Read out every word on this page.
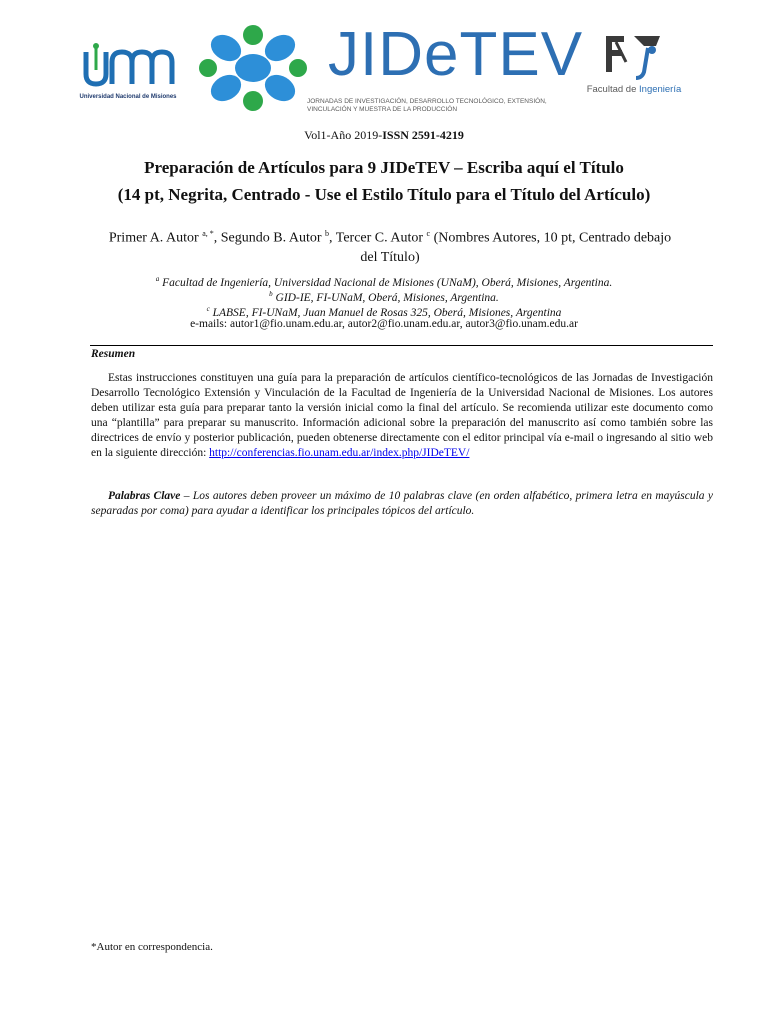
Universidad Nacional de Misiones
JIDeTEV
JORNADAS DE INVESTIGACIÓN, DESARROLLO TECNOLÓGICO, EXTENSIÓN, VINCULACIÓN Y MUESTRA DE LA PRODUCCIÓN
Facultad de Ingeniería
Vol1-Año 2019-ISSN 2591-4219
Preparación de Artículos para 9 JIDeTEV – Escriba aquí el Título
(14 pt, Negrita, Centrado - Use el Estilo Título para el Título del Artículo)
Primer A. Autor $^{a, *}$, Segundo B. Autor $^b$, Tercer C. Autor $^c$ (Nombres Autores, 10 pt, Centrado debajo del Título)
$^a$ Facultad de Ingeniería, Universidad Nacional de Misiones (UNaM), Oberá, Misiones, Argentina.
$^b$ GID-IE, FI-UNaM, Oberá, Misiones, Argentina.
$^c$ LABSE, FI-UNaM, Juan Manuel de Rosas 325, Oberá, Misiones, Argentina
e-mails: autor1@fio.unam.edu.ar, autor2@fio.unam.edu.ar, autor3@fio.unam.edu.ar
Resumen
Estas instrucciones constituyen una guía para la preparación de artículos científico-tecnológicos de las Jornadas de Investigación Desarrollo Tecnológico Extensión y Vinculación de la Facultad de Ingeniería de la Universidad Nacional de Misiones. Los autores deben utilizar esta guía para preparar tanto la versión inicial como la final del artículo. Se recomienda utilizar este documento como una “plantilla” para preparar su manuscrito. Información adicional sobre la preparación del manuscrito así como también sobre las directrices de envío y posterior publicación, pueden obtenerse directamente con el editor principal vía e-mail o ingresando al sitio web en la siguiente dirección: http://conferencias.fio.unam.edu.ar/index.php/JIDeTEV/
Palabras Clave – Los autores deben proveer un máximo de 10 palabras clave (en orden alfabético, primera letra en mayúscula y separadas por coma) para ayudar a identificar los principales tópicos del artículo.
*Autor en correspondencia.
